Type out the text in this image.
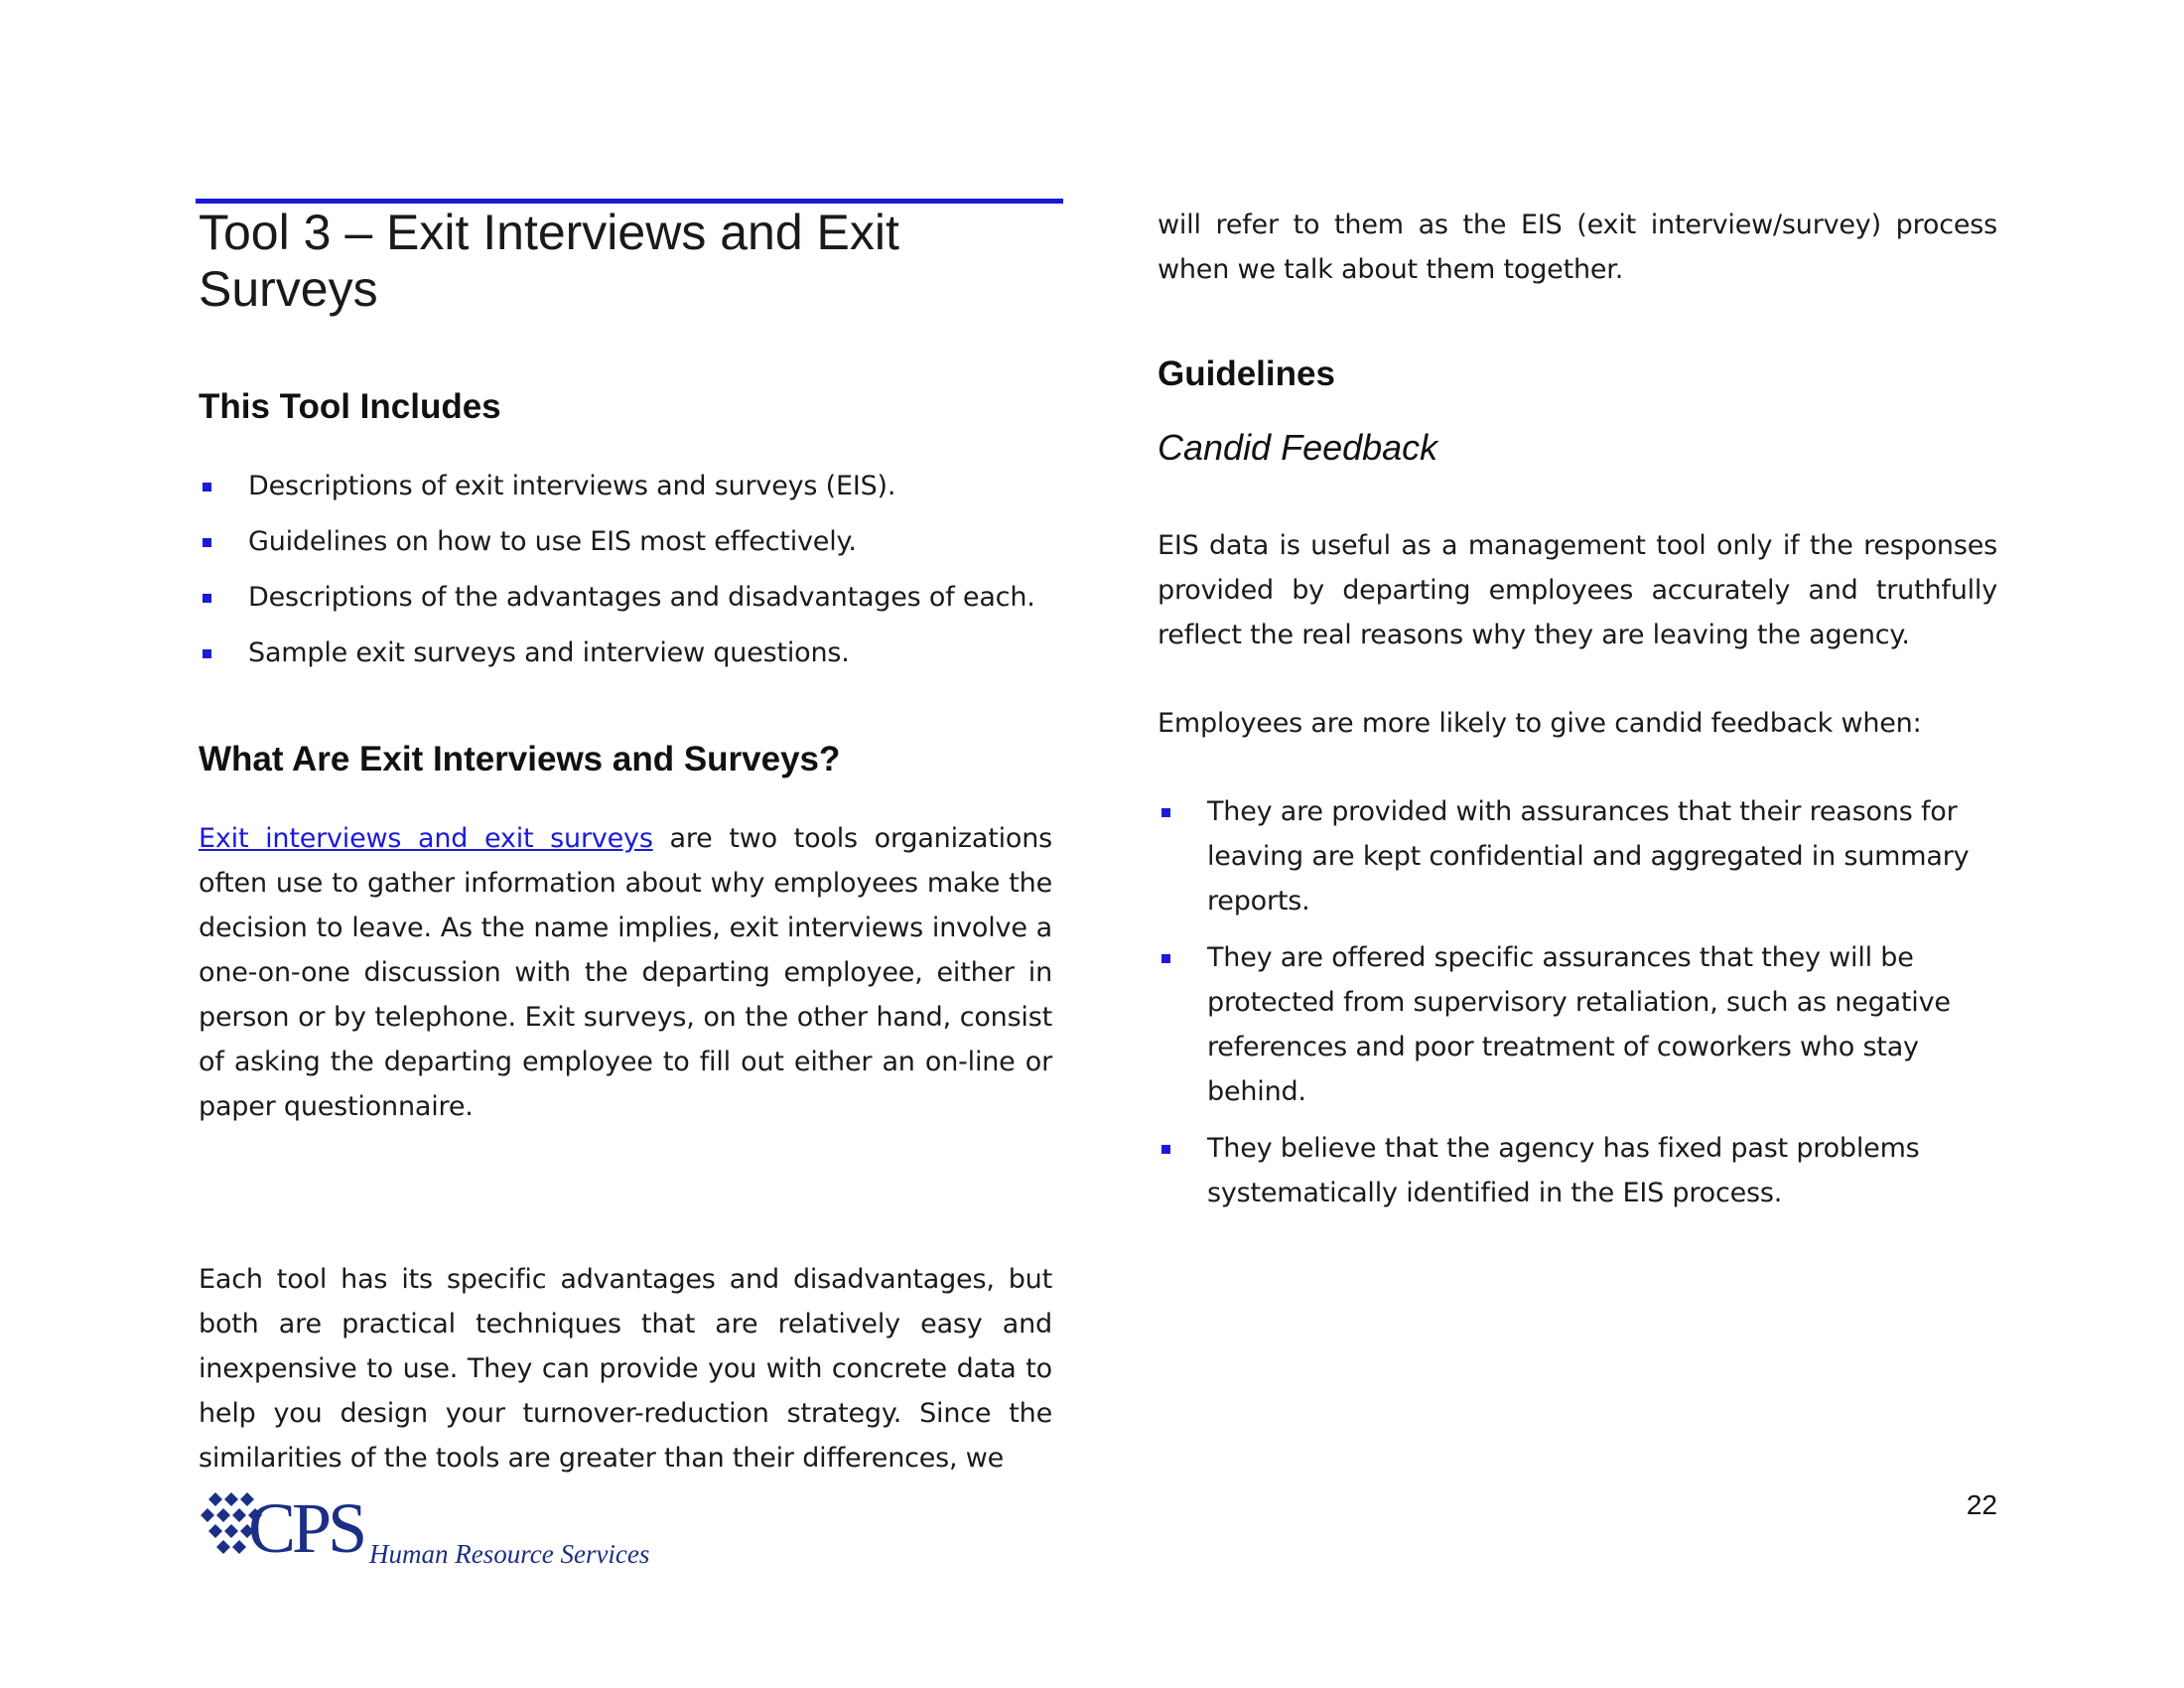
Tool 3 – Exit Interviews and Exit
Surveys
This Tool Includes
Descriptions of exit interviews and surveys (EIS).
Guidelines on how to use EIS most effectively.
Descriptions of the advantages and disadvantages of each.
Sample exit surveys and interview questions.
What Are Exit Interviews and Surveys?

Exit interviews and exit surveys are two tools organizations often use to gather information about why employees make the decision to leave. As the name implies, exit interviews involve a one-on-one discussion with the departing employee, either in person or by telephone. Exit surveys, on the other hand, consist of asking the departing employee to fill out either an on-line or paper questionnaire.

Each tool has its specific advantages and disadvantages, but both are practical techniques that are relatively easy and inexpensive to use. They can provide you with concrete data to help you design your turnover-reduction strategy. Since the similarities of the tools are greater than their differences, we

will refer to them as the EIS (exit interview/survey) process when we talk about them together.

Guidelines
Candid Feedback

EIS data is useful as a management tool only if the responses provided by departing employees accurately and truthfully reflect the real reasons why they are leaving the agency.

Employees are more likely to give candid feedback when:

They are provided with assurances that their reasons for leaving are kept confidential and aggregated in summary reports.
They are offered specific assurances that they will be protected from supervisory retaliation, such as negative references and poor treatment of coworkers who stay behind.
They believe that the agency has fixed past problems systematically identified in the EIS process.
CPS Human Resource Services
22
